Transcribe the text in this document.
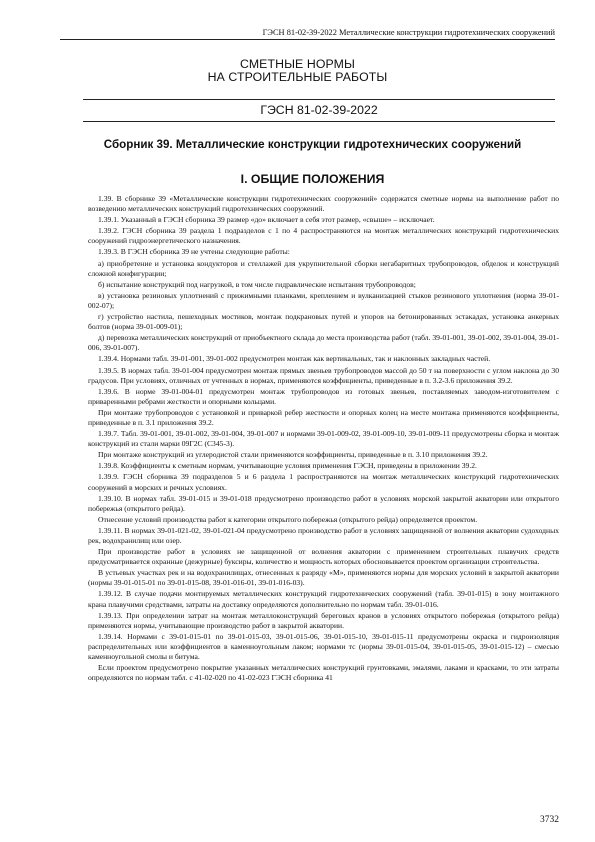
ГЭСН 81-02-39-2022 Металлические конструкции гидротехнических сооружений
СМЕТНЫЕ НОРМЫ
НА СТРОИТЕЛЬНЫЕ РАБОТЫ
ГЭСН 81-02-39-2022
Сборник 39. Металлические конструкции гидротехнических сооружений
I. ОБЩИЕ ПОЛОЖЕНИЯ

1.39. В сборнике 39 «Металлические конструкции гидротехнических сооружений» содержатся сметные нормы на выполнение работ по возведению металлических конструкций гидротехнических сооружений.

1.39.1. Указанный в ГЭСН сборника 39 размер «до» включает в себя этот размер, «свыше» – исключает.

1.39.2. ГЭСН сборника 39 раздела 1 подразделов с 1 по 4 распространяются на монтаж металлических конструкций гидротехнических сооружений гидроэнергетического назначения.

1.39.3. В ГЭСН сборника 39 не учтены следующие работы:

а) приобретение и установка кондукторов и стеллажей для укрупнительной сборки негабаритных трубопроводов, обделок и конструкций сложной конфигурации;

б) испытание конструкций под нагрузкой, в том числе гидравлические испытания трубопроводов;

в) установка резиновых уплотнений с прижимными планками, креплением и вулканизацией стыков резинового уплотнения (норма 39-01-002-07);

г) устройство настила, пешеходных мостиков, монтаж подкрановых путей и упоров на бетонированных эстакадах, установка анкерных болтов (норма 39-01-009-01);

д) перевозка металлических конструкций от приобъектного склада до места производства работ (табл. 39-01-001, 39-01-002, 39-01-004, 39-01-006, 39-01-007).

1.39.4. Нормами табл. 39-01-001, 39-01-002 предусмотрен монтаж как вертикальных, так и наклонных закладных частей.

1.39.5. В нормах табл. 39-01-004 предусмотрен монтаж прямых звеньев трубопроводов массой до 50 т на поверхности с углом наклона до 30 градусов. При условиях, отличных от учтенных в нормах, применяются коэффициенты, приведенные в п. 3.2-3.6 приложения 39.2.

1.39.6. В норме 39-01-004-01 предусмотрен монтаж трубопроводов из готовых звеньев, поставляемых заводом-изготовителем с приваренными ребрами жесткости и опорными кольцами.

При монтаже трубопроводов с установкой и приваркой ребер жесткости и опорных колец на месте монтажа применяются коэффициенты, приведенные в п. 3.1 приложения 39.2.

1.39.7. Табл. 39-01-001, 39-01-002, 39-01-004, 39-01-007 и нормами 39-01-009-02, 39-01-009-10, 39-01-009-11 предусмотрены сборка и монтаж конструкций из стали марки 09Г2С (С345-3).

При монтаже конструкций из углеродистой стали применяются коэффициенты, приведенные в п. 3.10 приложения 39.2.

1.39.8. Коэффициенты к сметным нормам, учитывающие условия применения ГЭСН, приведены в приложении 39.2.

1.39.9. ГЭСН сборника 39 подразделов 5 и 6 раздела 1 распространяются на монтаж металлических конструкций гидротехнических сооружений в морских и речных условиях.

1.39.10. В нормах табл. 39-01-015 и 39-01-018 предусмотрено производство работ в условиях морской закрытой акватории или открытого побережья (открытого рейда).

Отнесение условий производства работ к категории открытого побережья (открытого рейда) определяется проектом.

1.39.11. В нормах 39-01-021-02, 39-01-021-04 предусмотрено производство работ в условиях защищенной от волнения акватории судоходных рек, водохранилищ или озер.

При производстве работ в условиях не защищенной от волнения акватории с применением строительных плавучих средств предусматривается охранные (дежурные) буксиры, количество и мощность которых обосновывается проектом организации строительства.

В устьевых участках рек и на водохранилищах, отнесенных к разряду «М», применяются нормы для морских условий в закрытой акватории (нормы 39-01-015-01 по 39-01-015-08, 39-01-016-01, 39-01-016-03).

1.39.12. В случае подачи монтируемых металлических конструкций гидротехнических сооружений (табл. 39-01-015) в зону монтажного крана плавучими средствами, затраты на доставку определяются дополнительно по нормам табл. 39-01-016.

1.39.13. При определении затрат на монтаж металлоконструкций береговых кранов в условиях открытого побережья (открытого рейда) применяются нормы, учитывающие производство работ в закрытой акватории.

1.39.14. Нормами с 39-01-015-01 по 39-01-015-03, 39-01-015-06, 39-01-015-10, 39-01-015-11 предусмотрены окраска и гидроизоляция распределительных или коэффициентов в каменноугольным лаком; нормами тс (нормы 39-01-015-04, 39-01-015-05, 39-01-015-12) – смесью каменноугольной смолы и битума.

Если проектом предусмотрено покрытие указанных металлических конструкций грунтовками, эмалями, лаками и красками, то эти затраты определяются по нормам табл. с 41-02-020 по 41-02-023 ГЭСН сборника 41

3732
